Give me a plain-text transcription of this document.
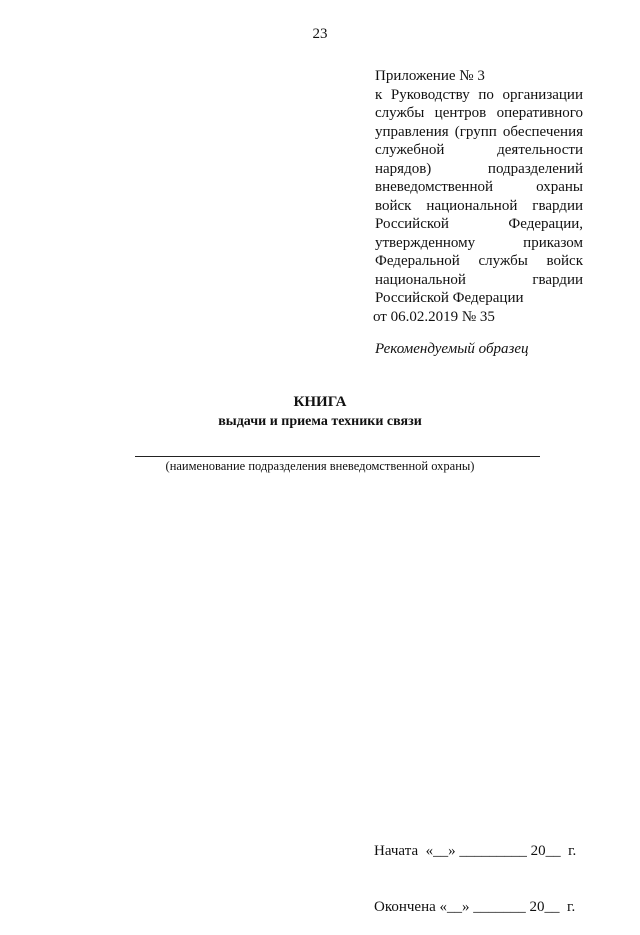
23
Приложение № 3
к Руководству по организации
службы центров оперативного
управления (групп обеспечения
служебной деятельности
нарядов) подразделений
вневедомственной охраны
войск национальной гвардии
Российской Федерации,
утвержденному приказом
Федеральной службы войск
национальной гвардии
Российской Федерации
от 06.02.2019 № 35
Рекомендуемый образец
КНИГА
выдачи и приема техники связи
(наименование подразделения вневедомственной охраны)

Начата  «__» _________ 20__  г.

Окончена «__» _______ 20__  г.
